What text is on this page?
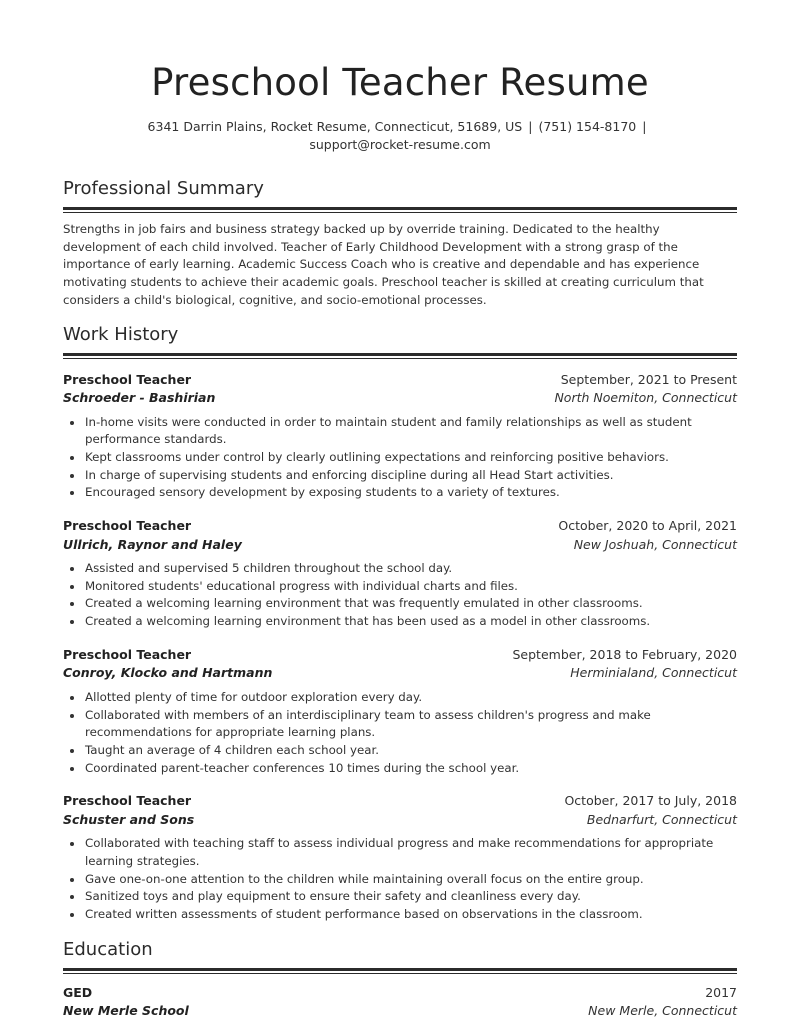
Preschool Teacher Resume
6341 Darrin Plains, Rocket Resume, Connecticut, 51689, US | (751) 154-8170 |
support@rocket-resume.com
Professional Summary
Strengths in job fairs and business strategy backed up by override training. Dedicated to the healthy development of each child involved. Teacher of Early Childhood Development with a strong grasp of the importance of early learning. Academic Success Coach who is creative and dependable and has experience motivating students to achieve their academic goals. Preschool teacher is skilled at creating curriculum that considers a child's biological, cognitive, and socio-emotional processes.
Work History
Preschool Teacher	September, 2021 to Present
Schroeder - Bashirian	North Noemiton, Connecticut
• In-home visits were conducted in order to maintain student and family relationships as well as student performance standards.
• Kept classrooms under control by clearly outlining expectations and reinforcing positive behaviors.
• In charge of supervising students and enforcing discipline during all Head Start activities.
• Encouraged sensory development by exposing students to a variety of textures.
Preschool Teacher	October, 2020 to April, 2021
Ullrich, Raynor and Haley	New Joshuah, Connecticut
• Assisted and supervised 5 children throughout the school day.
• Monitored students' educational progress with individual charts and files.
• Created a welcoming learning environment that was frequently emulated in other classrooms.
• Created a welcoming learning environment that has been used as a model in other classrooms.
Preschool Teacher	September, 2018 to February, 2020
Conroy, Klocko and Hartmann	Herminialand, Connecticut
• Allotted plenty of time for outdoor exploration every day.
• Collaborated with members of an interdisciplinary team to assess children's progress and make recommendations for appropriate learning plans.
• Taught an average of 4 children each school year.
• Coordinated parent-teacher conferences 10 times during the school year.
Preschool Teacher	October, 2017 to July, 2018
Schuster and Sons	Bednarfurt, Connecticut
• Collaborated with teaching staff to assess individual progress and make recommendations for appropriate learning strategies.
• Gave one-on-one attention to the children while maintaining overall focus on the entire group.
• Sanitized toys and play equipment to ensure their safety and cleanliness every day.
• Created written assessments of student performance based on observations in the classroom.
Education
GED	2017
New Merle School	New Merle, Connecticut
